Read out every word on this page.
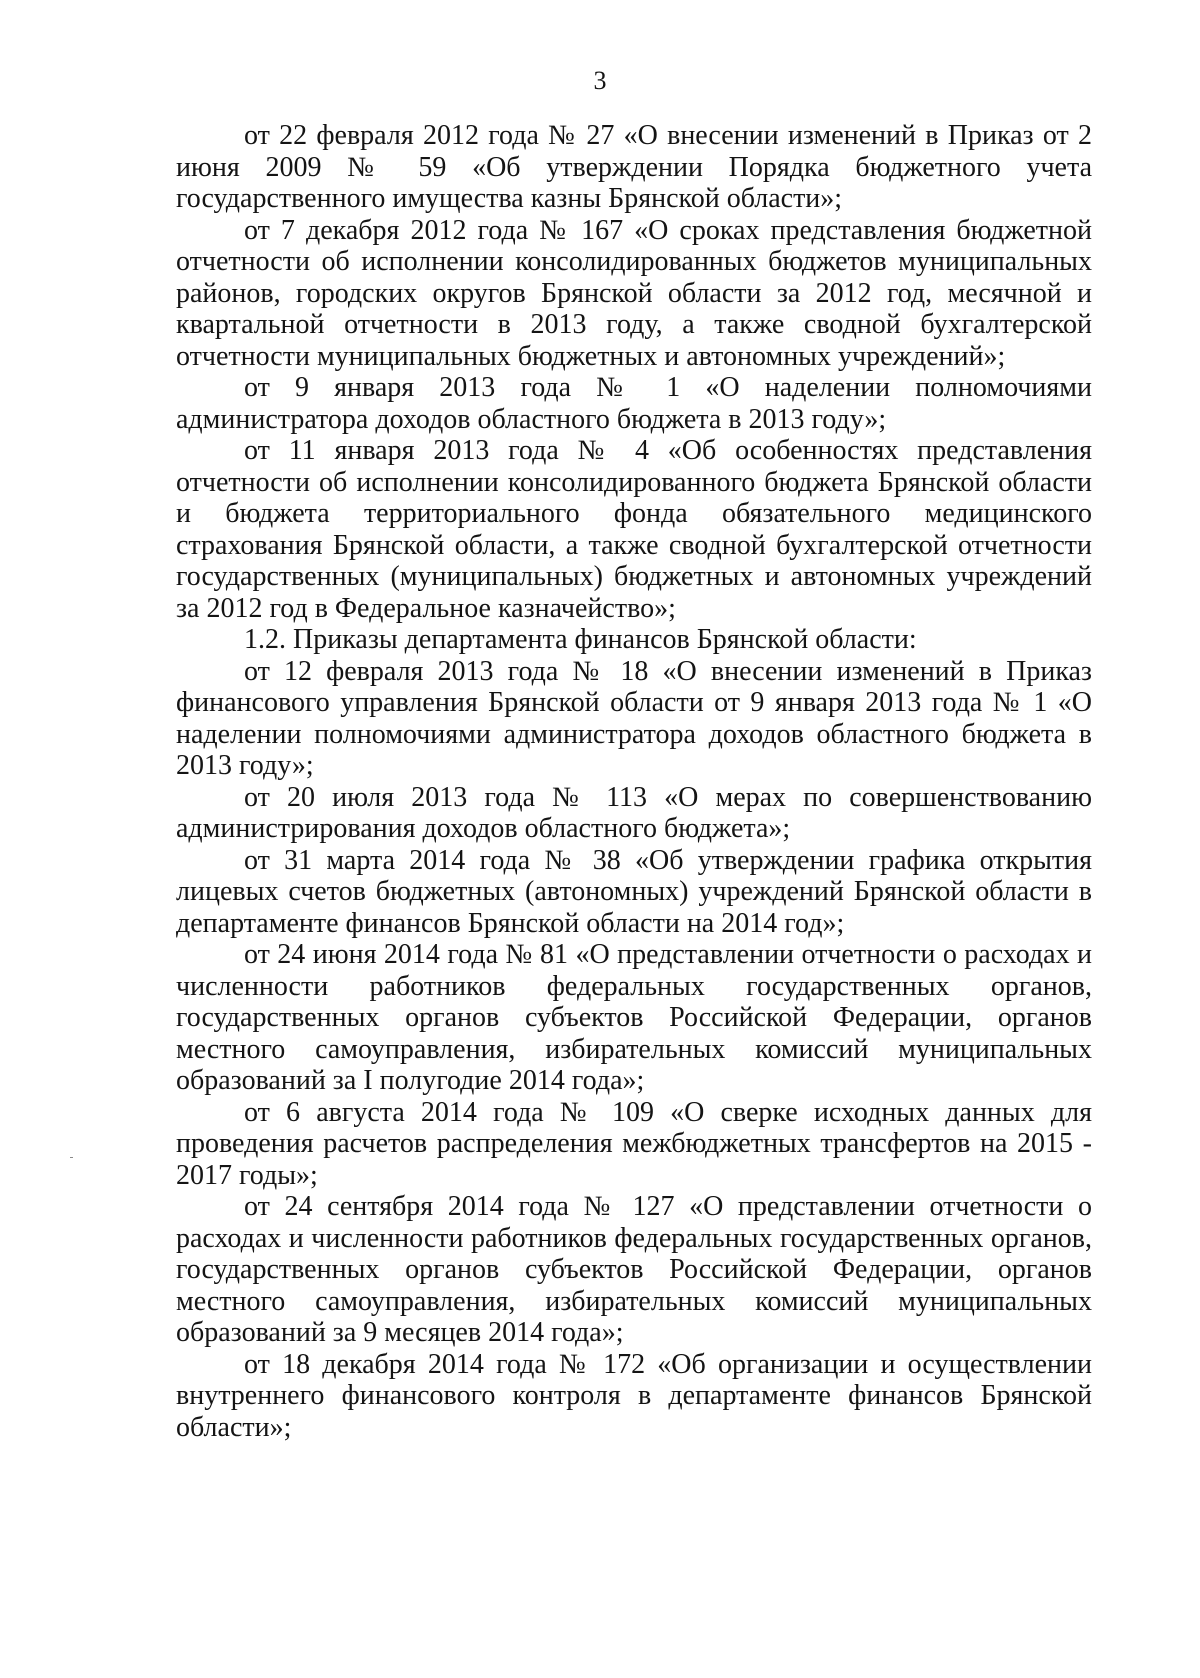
3

от 22 февраля 2012 года № 27 «О внесении изменений в Приказ от 2 июня 2009 № 59 «Об утверждении Порядка бюджетного учета государственного имущества казны Брянской области»;

от 7 декабря 2012 года № 167 «О сроках представления бюджетной отчетности об исполнении консолидированных бюджетов муниципальных районов, городских округов Брянской области за 2012 год, месячной и квартальной отчетности в 2013 году, а также сводной бухгалтерской отчетности муниципальных бюджетных и автономных учреждений»;

от 9 января 2013 года № 1 «О наделении полномочиями администратора доходов областного бюджета в 2013 году»;

от 11 января 2013 года № 4 «Об особенностях представления отчетности об исполнении консолидированного бюджета Брянской области и бюджета территориального фонда обязательного медицинского страхования Брянской области, а также сводной бухгалтерской отчетности государственных (муниципальных) бюджетных и автономных учреждений за 2012 год в Федеральное казначейство»;

1.2. Приказы департамента финансов Брянской области:

от 12 февраля 2013 года № 18 «О внесении изменений в Приказ финансового управления Брянской области от 9 января 2013 года № 1 «О наделении полномочиями администратора доходов областного бюджета в 2013 году»;

от 20 июля 2013 года № 113 «О мерах по совершенствованию администрирования доходов областного бюджета»;

от 31 марта 2014 года № 38 «Об утверждении графика открытия лицевых счетов бюджетных (автономных) учреждений Брянской области в департаменте финансов Брянской области на 2014 год»;

от 24 июня 2014 года № 81 «О представлении отчетности о расходах и численности работников федеральных государственных органов, государственных органов субъектов Российской Федерации, органов местного самоуправления, избирательных комиссий муниципальных образований за I полугодие 2014 года»;

от 6 августа 2014 года № 109 «О сверке исходных данных для проведения расчетов распределения межбюджетных трансфертов на 2015 - 2017 годы»;

от 24 сентября 2014 года № 127 «О представлении отчетности о расходах и численности работников федеральных государственных органов, государственных органов субъектов Российской Федерации, органов местного самоуправления, избирательных комиссий муниципальных образований за 9 месяцев 2014 года»;

от 18 декабря 2014 года № 172 «Об организации и осуществлении внутреннего финансового контроля в департаменте финансов Брянской области»;
